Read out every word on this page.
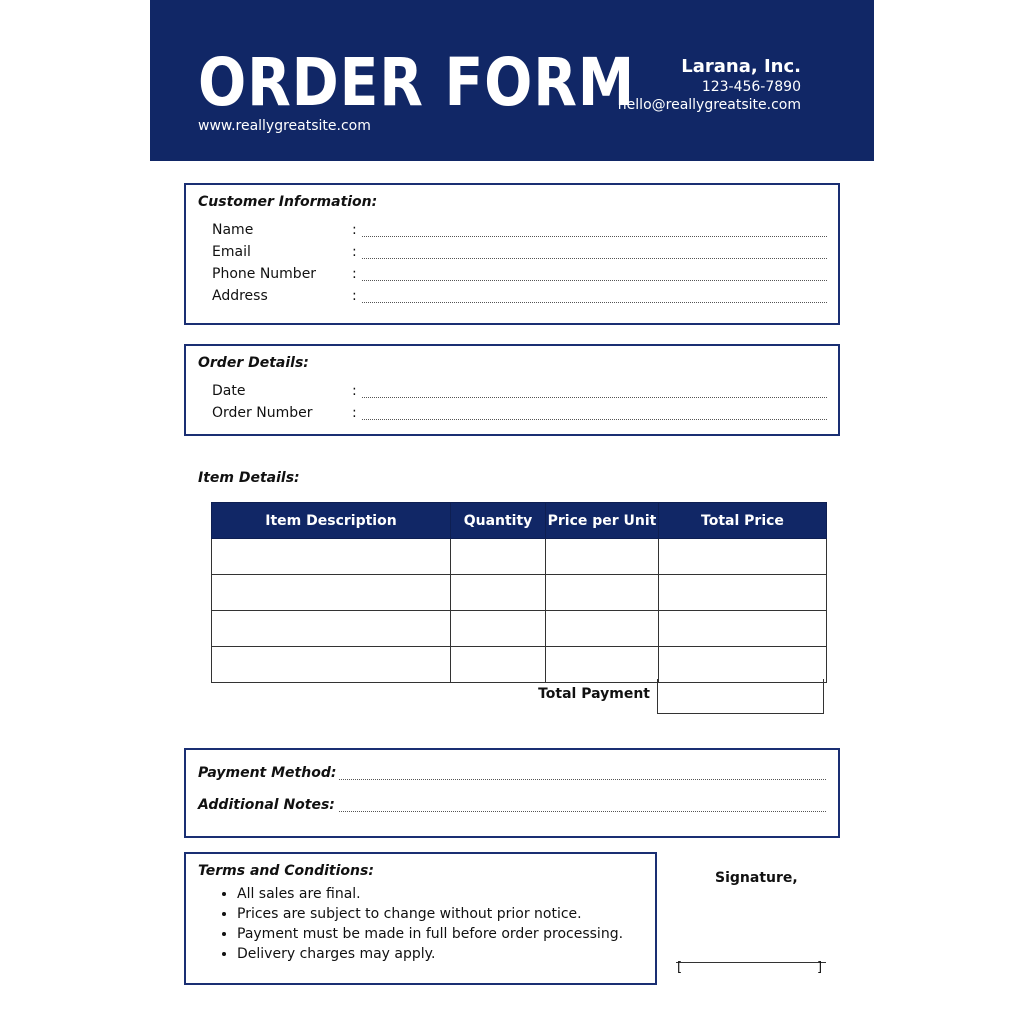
ORDER FORM
www.reallygreatsite.com
Larana, Inc.
123-456-7890
hello@reallygreatsite.com
Customer Information:
Name	:
Email	:
Phone Number	:
Address	:
Order Details:
Date	:
Order Number	:
Item Details:
Item Description	Quantity	Price per Unit	Total Price

Total Payment
Payment Method:
Additional Notes:
Terms and Conditions:
• All sales are final.
• Prices are subject to change without prior notice.
• Payment must be made in full before order processing.
• Delivery charges may apply.
Signature,
[	]
